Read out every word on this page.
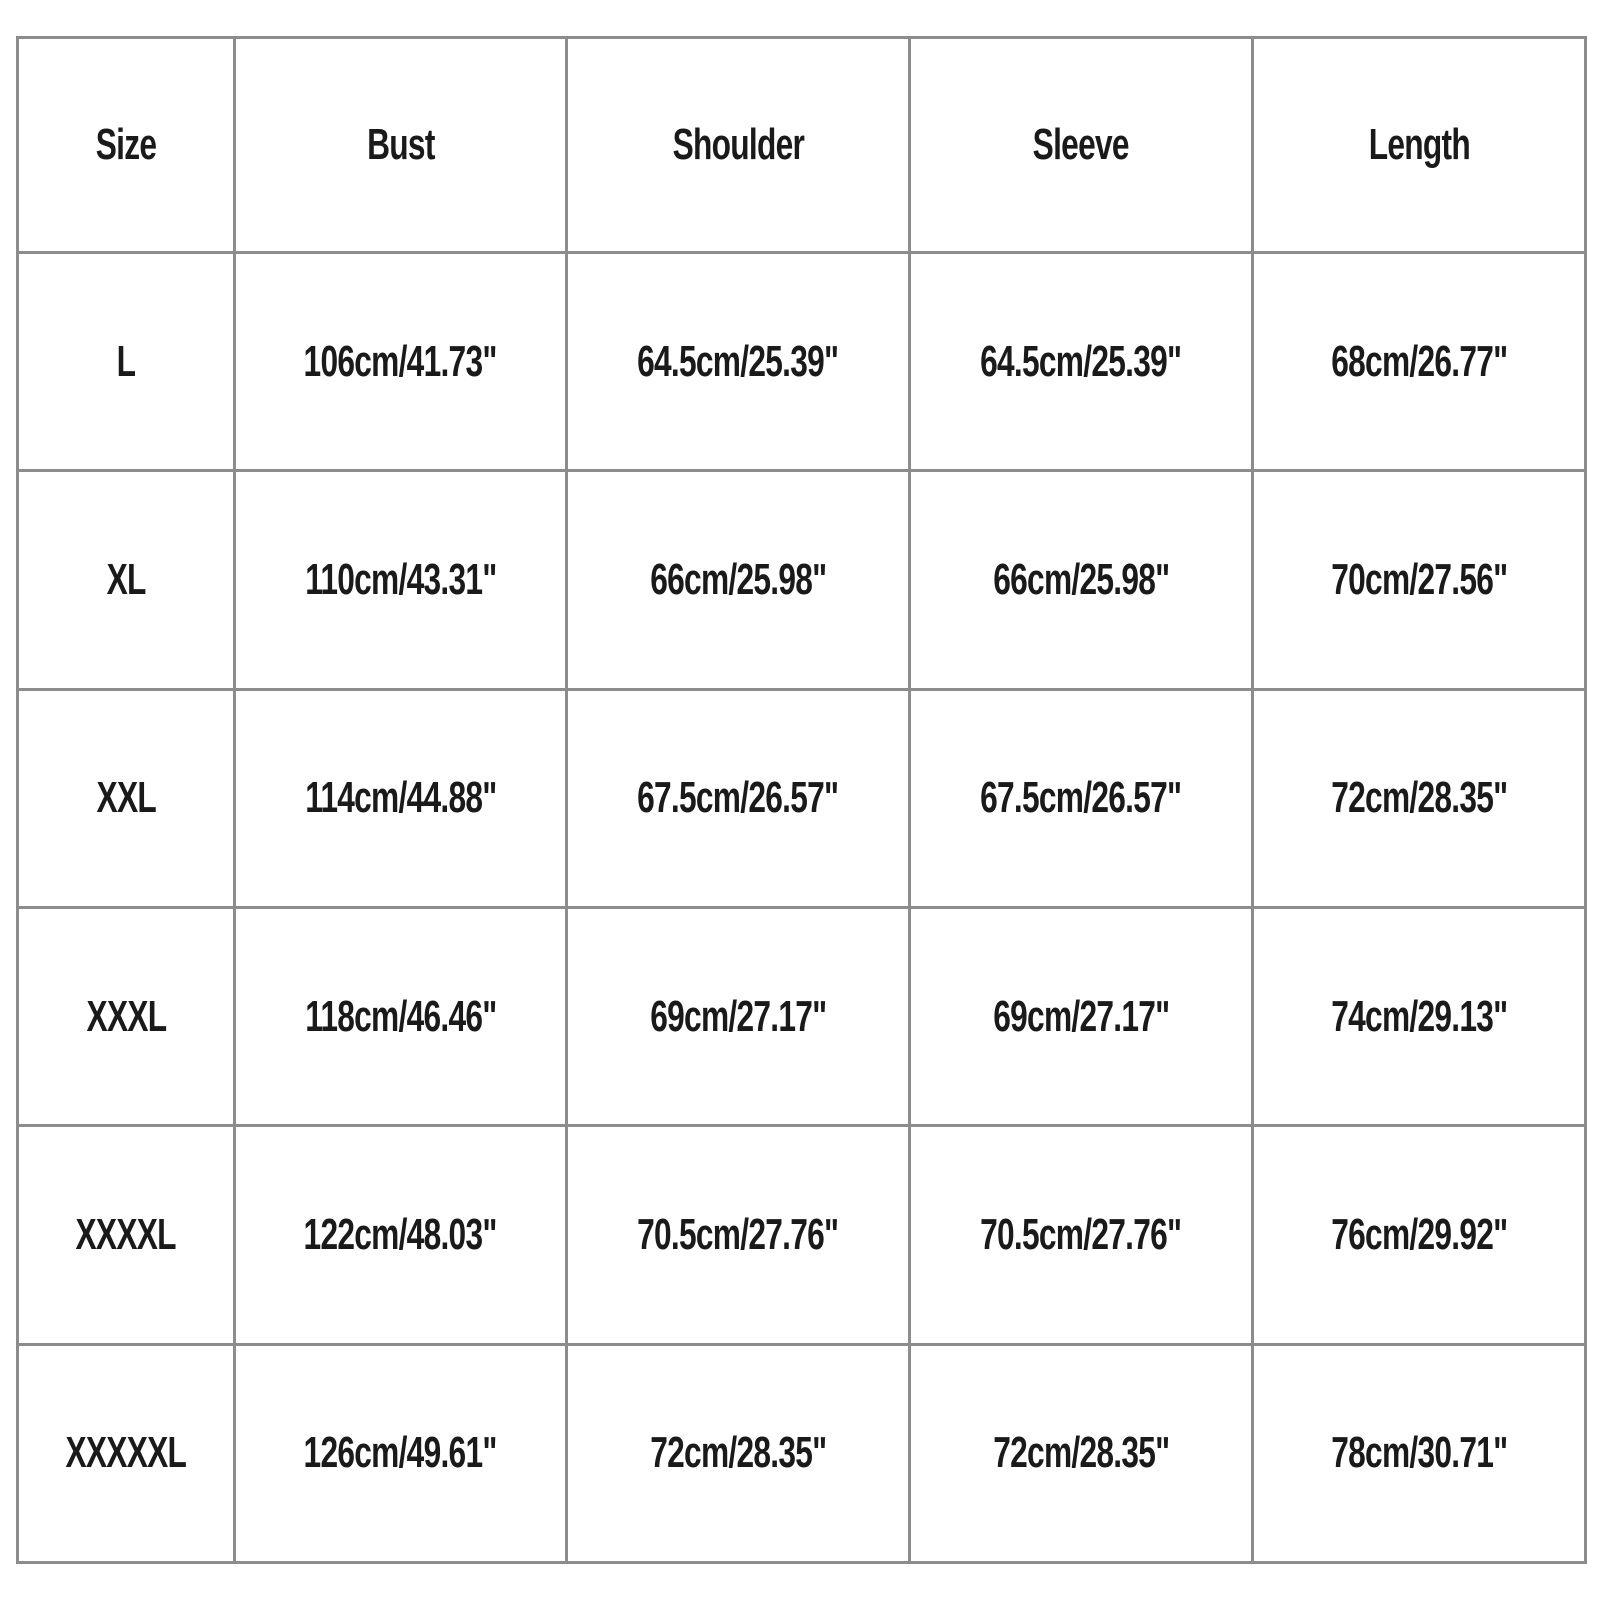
Size	Bust	Shoulder	Sleeve	Length
L	106cm/41.73"	64.5cm/25.39"	64.5cm/25.39"	68cm/26.77"
XL	110cm/43.31"	66cm/25.98"	66cm/25.98"	70cm/27.56"
XXL	114cm/44.88"	67.5cm/26.57"	67.5cm/26.57"	72cm/28.35"
XXXL	118cm/46.46"	69cm/27.17"	69cm/27.17"	74cm/29.13"
XXXXL	122cm/48.03"	70.5cm/27.76"	70.5cm/27.76"	76cm/29.92"
XXXXXL	126cm/49.61"	72cm/28.35"	72cm/28.35"	78cm/30.71"
